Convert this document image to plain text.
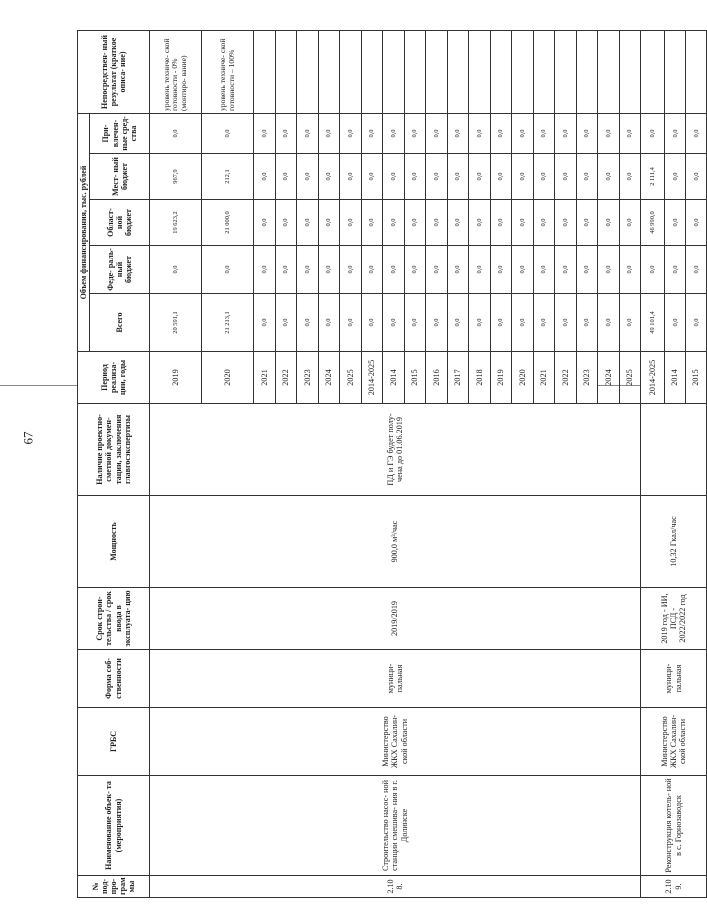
67
№ под- про- грам мы	Наименование объек- та (мероприятия)	ГРБС	Форма соб- ственности	Срок строи- тельства / срок ввода в эксплуата- цию	Мощность	Наличие проектно- сметной докумен- тации, заключения главгосэкспертизы	Период реализа- ции, годы	Объем финансирования, тыс. рублей					Непосредствен- ный результат (краткое описа- ние)
								Всего	Феде- раль- ный бюджет	Област- ной бюджет	Мест- ный бюджет	При- влечен- ные сред- ства	
2.10 8.	Строительство насос- ной станции смешива- ния в г. Долинске	Министерство ЖКХ Сахалин- ской области	муници- пальная	2019/2019	900,0 м³/час	ПД и ГЭ будет полу- чена до 01.06.2019	2019	20 591,1	0,0	19 623,2	967,9	0,0	уровень техниче- ской готовности - 0% (монтиро- вание)
							2020	21 213,1	0,0	21 000,0	212,1	0,0	уровень техниче- ской готовности – 100%
							2021	0,0	0,0	0,0	0,0	0,0	
							2022	0,0	0,0	0,0	0,0	0,0	
							2023	0,0	0,0	0,0	0,0	0,0	
							2024	0,0	0,0	0,0	0,0	0,0	
							2025	0,0	0,0	0,0	0,0	0,0	
							2014-2025	0,0	0,0	0,0	0,0	0,0	
							2014	0,0	0,0	0,0	0,0	0,0	
							2015	0,0	0,0	0,0	0,0	0,0	
							2016	0,0	0,0	0,0	0,0	0,0	
							2017	0,0	0,0	0,0	0,0	0,0	
							2018	0,0	0,0	0,0	0,0	0,0	
							2019	0,0	0,0	0,0	0,0	0,0	
							2020	0,0	0,0	0,0	0,0	0,0	
							2021	0,0	0,0	0,0	0,0	0,0	
							2022	0,0	0,0	0,0	0,0	0,0	
							2023	0,0	0,0	0,0	0,0	0,0	
							2024	0,0	0,0	0,0	0,0	0,0	
							2025	0,0	0,0	0,0	0,0	0,0	
2.10 9.	Реконструкция котель- ной в с. Горнозаводск	Министерство ЖКХ Сахалин- ской области	муници- пальная	2019 год - ИИ, ПСД - 2022/2022 год	10,32 Гкал/час		2014-2025	49 101,4	0,0	46 990,0	2 111,4	0,0	
							2014	0,0	0,0	0,0	0,0	0,0	
							2015	0,0	0,0	0,0	0,0	0,0	
